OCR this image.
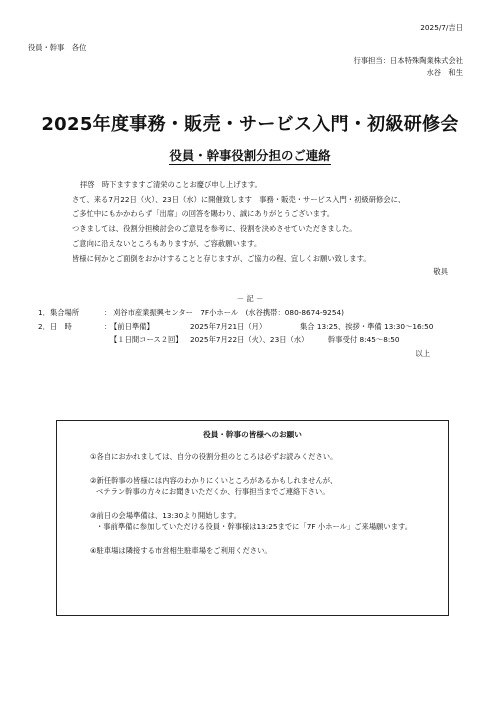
2025/7/吉日
役員・幹事　各位
行事担当：日本特殊陶業株式会社
水谷　和生
2025年度事務・販売・サービス入門・初級研修会
役員・幹事役割分担のご連絡
拝啓　時下ますますご清栄のことお慶び申し上げます。
さて、来る7月22日（火）、23日（水）に開催致します　事務・販売・サービス入門・初級研修会に、
ご多忙中にもかかわらず「出席」の回答を賜わり、誠にありがとうございます。
つきましては、役割分担検討会のご意見を参考に、役割を決めさせていただきました。
ご意向に沿えないところもありますが、ご容赦願います。
皆様に何かとご面倒をおかけすることと存じますが、ご協力の程、宜しくお願い致します。
敬具
－ 記 －
1．集合場所	： 刈谷市産業振興センター　7F小ホール　(水谷携帯：080-8674-9254)
2．日　時	：
【前日準備】	2025年7月21日（月）	集合 13:25、挨拶・準備 13:30～16:50
【１日間コース２回】 2025年7月22日（火）、23日（水）	幹事受付 8:45～8:50
以上
役員・幹事の皆様へのお願い
①各自におかれましては、自分の役割分担のところは必ずお読みください。
②新任幹事の皆様には内容のわかりにくいところがあるかもしれませんが、
ベテラン幹事の方々にお聞きいただくか、行事担当までご連絡下さい。
③前日の会場準備は、13:30より開始します。
・事前準備に参加していただける役員・幹事様は13:25までに「7F 小ホール」ご来場願います。
④駐車場は隣接する市営相生駐車場をご利用ください。
